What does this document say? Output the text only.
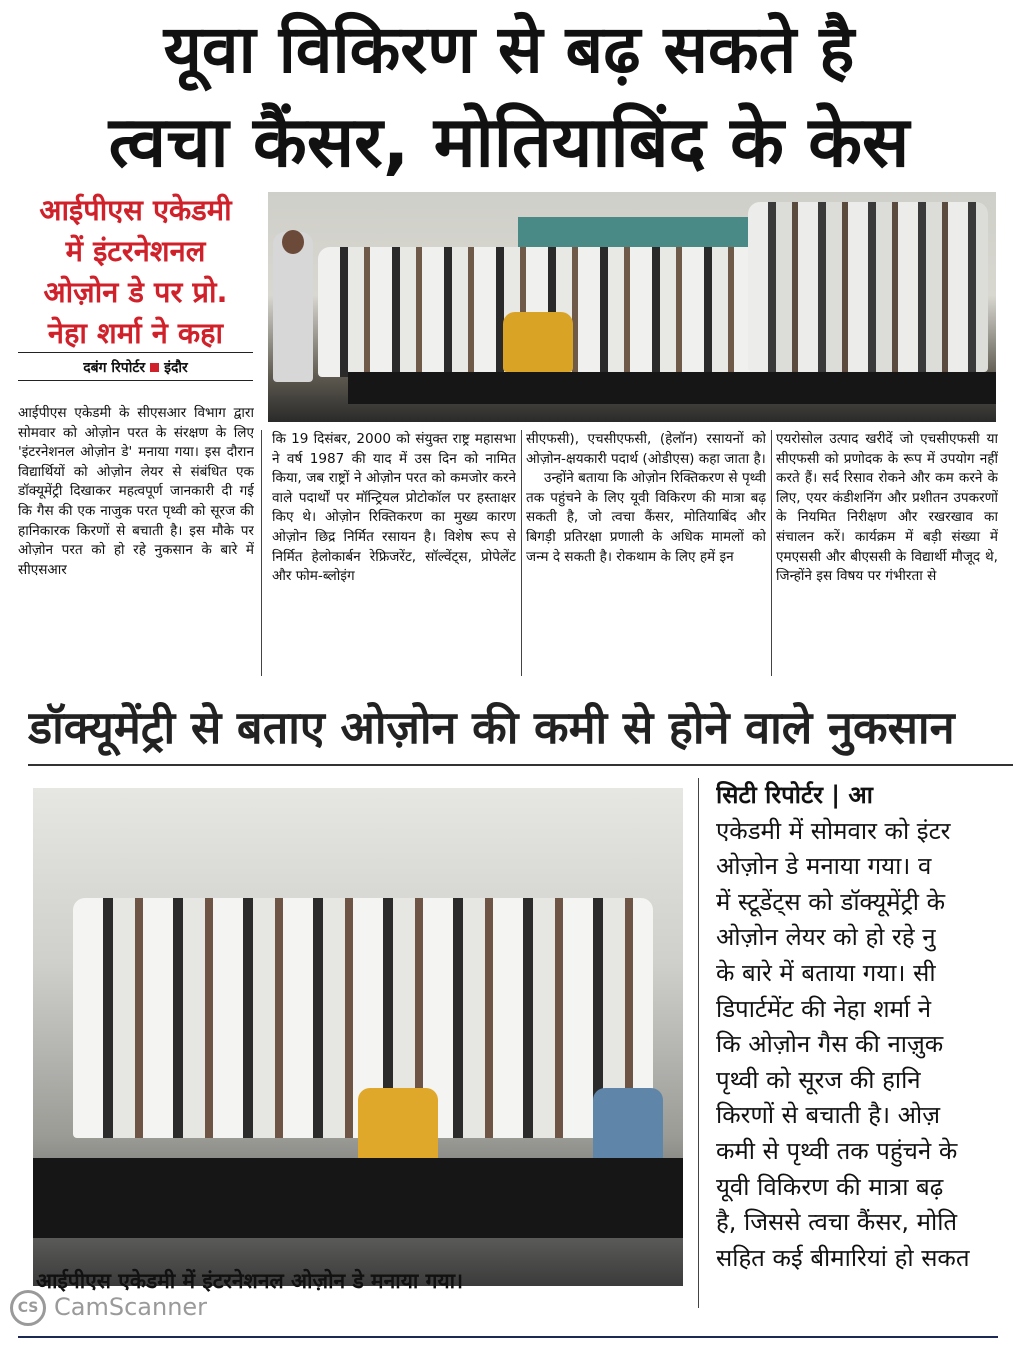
यूवा विकिरण से बढ़ सकते है
त्वचा कैंसर, मोतियाबिंद के केस
आईपीएस एकेडमी
में इंटरनेशनल
ओज़ोन डे पर प्रो.
नेहा शर्मा ने कहा
दबंग रिपोर्टर इंदौर

आईपीएस एकेडमी के सीएसआर विभाग द्वारा सोमवार को ओज़ोन परत के संरक्षण के लिए 'इंटरनेशनल ओज़ोन डे' मनाया गया। इस दौरान विद्यार्थियों को ओज़ोन लेयर से संबंधित एक डॉक्यूमेंट्री दिखाकर महत्वपूर्ण जानकारी दी गई कि गैस की एक नाजुक परत पृथ्वी को सूरज की हानिकारक किरणों से बचाती है। इस मौके पर ओज़ोन परत को हो रहे नुकसान के बारे में सीएसआर

कि 19 दिसंबर, 2000 को संयुक्त राष्ट्र महासभा ने वर्ष 1987 की याद में उस दिन को नामित किया, जब राष्ट्रों ने ओज़ोन परत को कमजोर करने वाले पदार्थों पर मॉन्ट्रियल प्रोटोकॉल पर हस्ताक्षर किए थे। ओज़ोन रिक्तिकरण का मुख्य कारण ओज़ोन छिद्र निर्मित रसायन है। विशेष रूप से निर्मित हेलोकार्बन रेफ्रिजरेंट, सॉल्वेंट्स, प्रोपेलेंट और फोम-ब्लोइंग

सीएफसी), एचसीएफसी, (हेलॉन) रसायनों को ओज़ोन-क्षयकारी पदार्थ (ओडीएस) कहा जाता है।

उन्होंने बताया कि ओज़ोन रिक्तिकरण से पृथ्वी तक पहुंचने के लिए यूवी विकिरण की मात्रा बढ़ सकती है, जो त्वचा कैंसर, मोतियाबिंद और बिगड़ी प्रतिरक्षा प्रणाली के अधिक मामलों को जन्म दे सकती है। रोकथाम के लिए हमें इन

एयरोसोल उत्पाद खरीदें जो एचसीएफसी या सीएफसी को प्रणोदक के रूप में उपयोग नहीं करते हैं। सर्द रिसाव रोकने और कम करने के लिए, एयर कंडीशनिंग और प्रशीतन उपकरणों के नियमित निरीक्षण और रखरखाव का संचालन करें। कार्यक्रम में बड़ी संख्या में एमएससी और बीएससी के विद्यार्थी मौजूद थे, जिन्होंने इस विषय पर गंभीरता से

डॉक्यूमेंट्री से बताए ओज़ोन की कमी से होने वाले नुकसान

सिटी रिपोर्टर | आ

एकेडमी में सोमवार को इंटर

ओज़ोन डे मनाया गया। व

में स्टूडेंट्स को डॉक्यूमेंट्री के

ओज़ोन लेयर को हो रहे नु

के बारे में बताया गया। सी

डिपार्टमेंट की नेहा शर्मा ने

कि ओज़ोन गैस की नाज़ुक

पृथ्वी को सूरज की हानि

किरणों से बचाती है। ओज़

कमी से पृथ्वी तक पहुंचने के

यूवी विकिरण की मात्रा बढ़

है, जिससे त्वचा कैंसर, मोति

सहित कई बीमारियां हो सकत

आईपीएस एकेडमी में इंटरनेशनल ओज़ोन डे मनाया गया।
CS CamScanner
